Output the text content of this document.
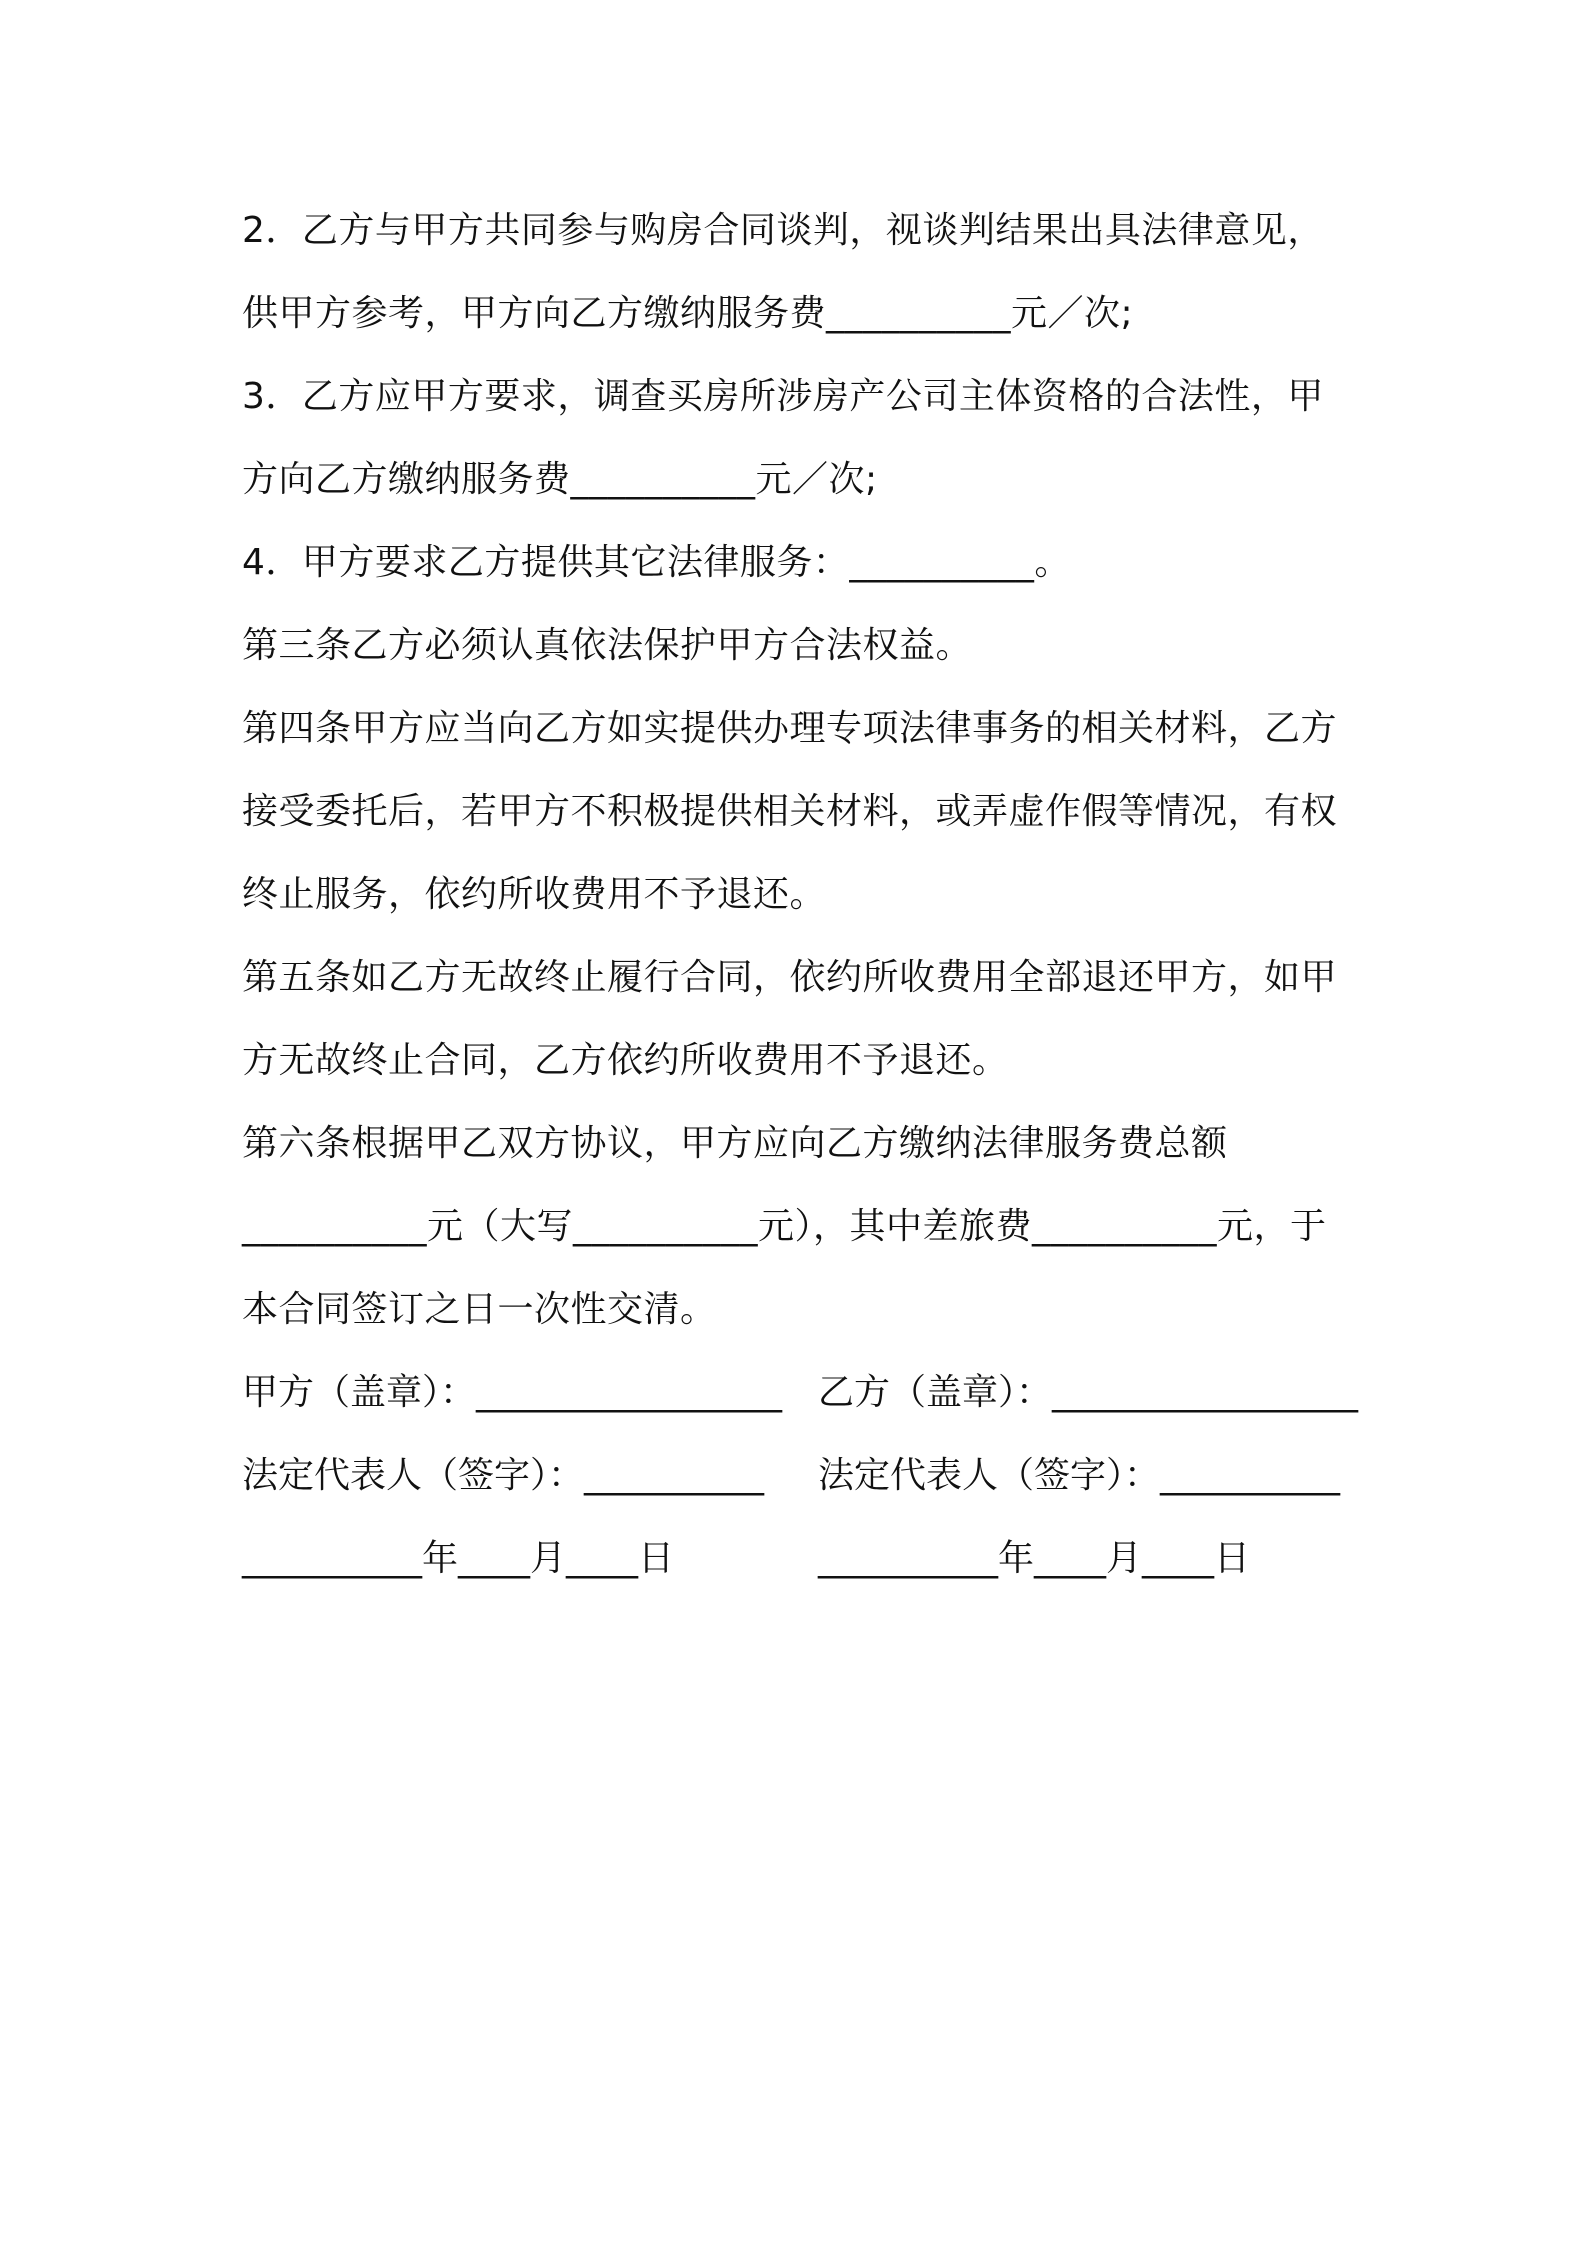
2．乙方与甲方共同参与购房合同谈判，视谈判结果出具法律意见，
供甲方参考，甲方向乙方缴纳服务费__________元／次;
3．乙方应甲方要求，调查买房所涉房产公司主体资格的合法性，甲
方向乙方缴纳服务费__________元／次;
4．甲方要求乙方提供其它法律服务：__________。
第三条乙方必须认真依法保护甲方合法权益。
第四条甲方应当向乙方如实提供办理专项法律事务的相关材料，乙方
接受委托后，若甲方不积极提供相关材料，或弄虚作假等情况，有权
终止服务，依约所收费用不予退还。
第五条如乙方无故终止履行合同，依约所收费用全部退还甲方，如甲
方无故终止合同，乙方依约所收费用不予退还。
第六条根据甲乙双方协议，甲方应向乙方缴纳法律服务费总额
__________元（大写__________元），其中差旅费__________元，于
本合同签订之日一次性交清。
甲方（盖章）：_________________ 乙方（盖章）：_________________
法定代表人（签字）：__________ 法定代表人（签字）：__________
__________年____月____日	__________年____月____日
